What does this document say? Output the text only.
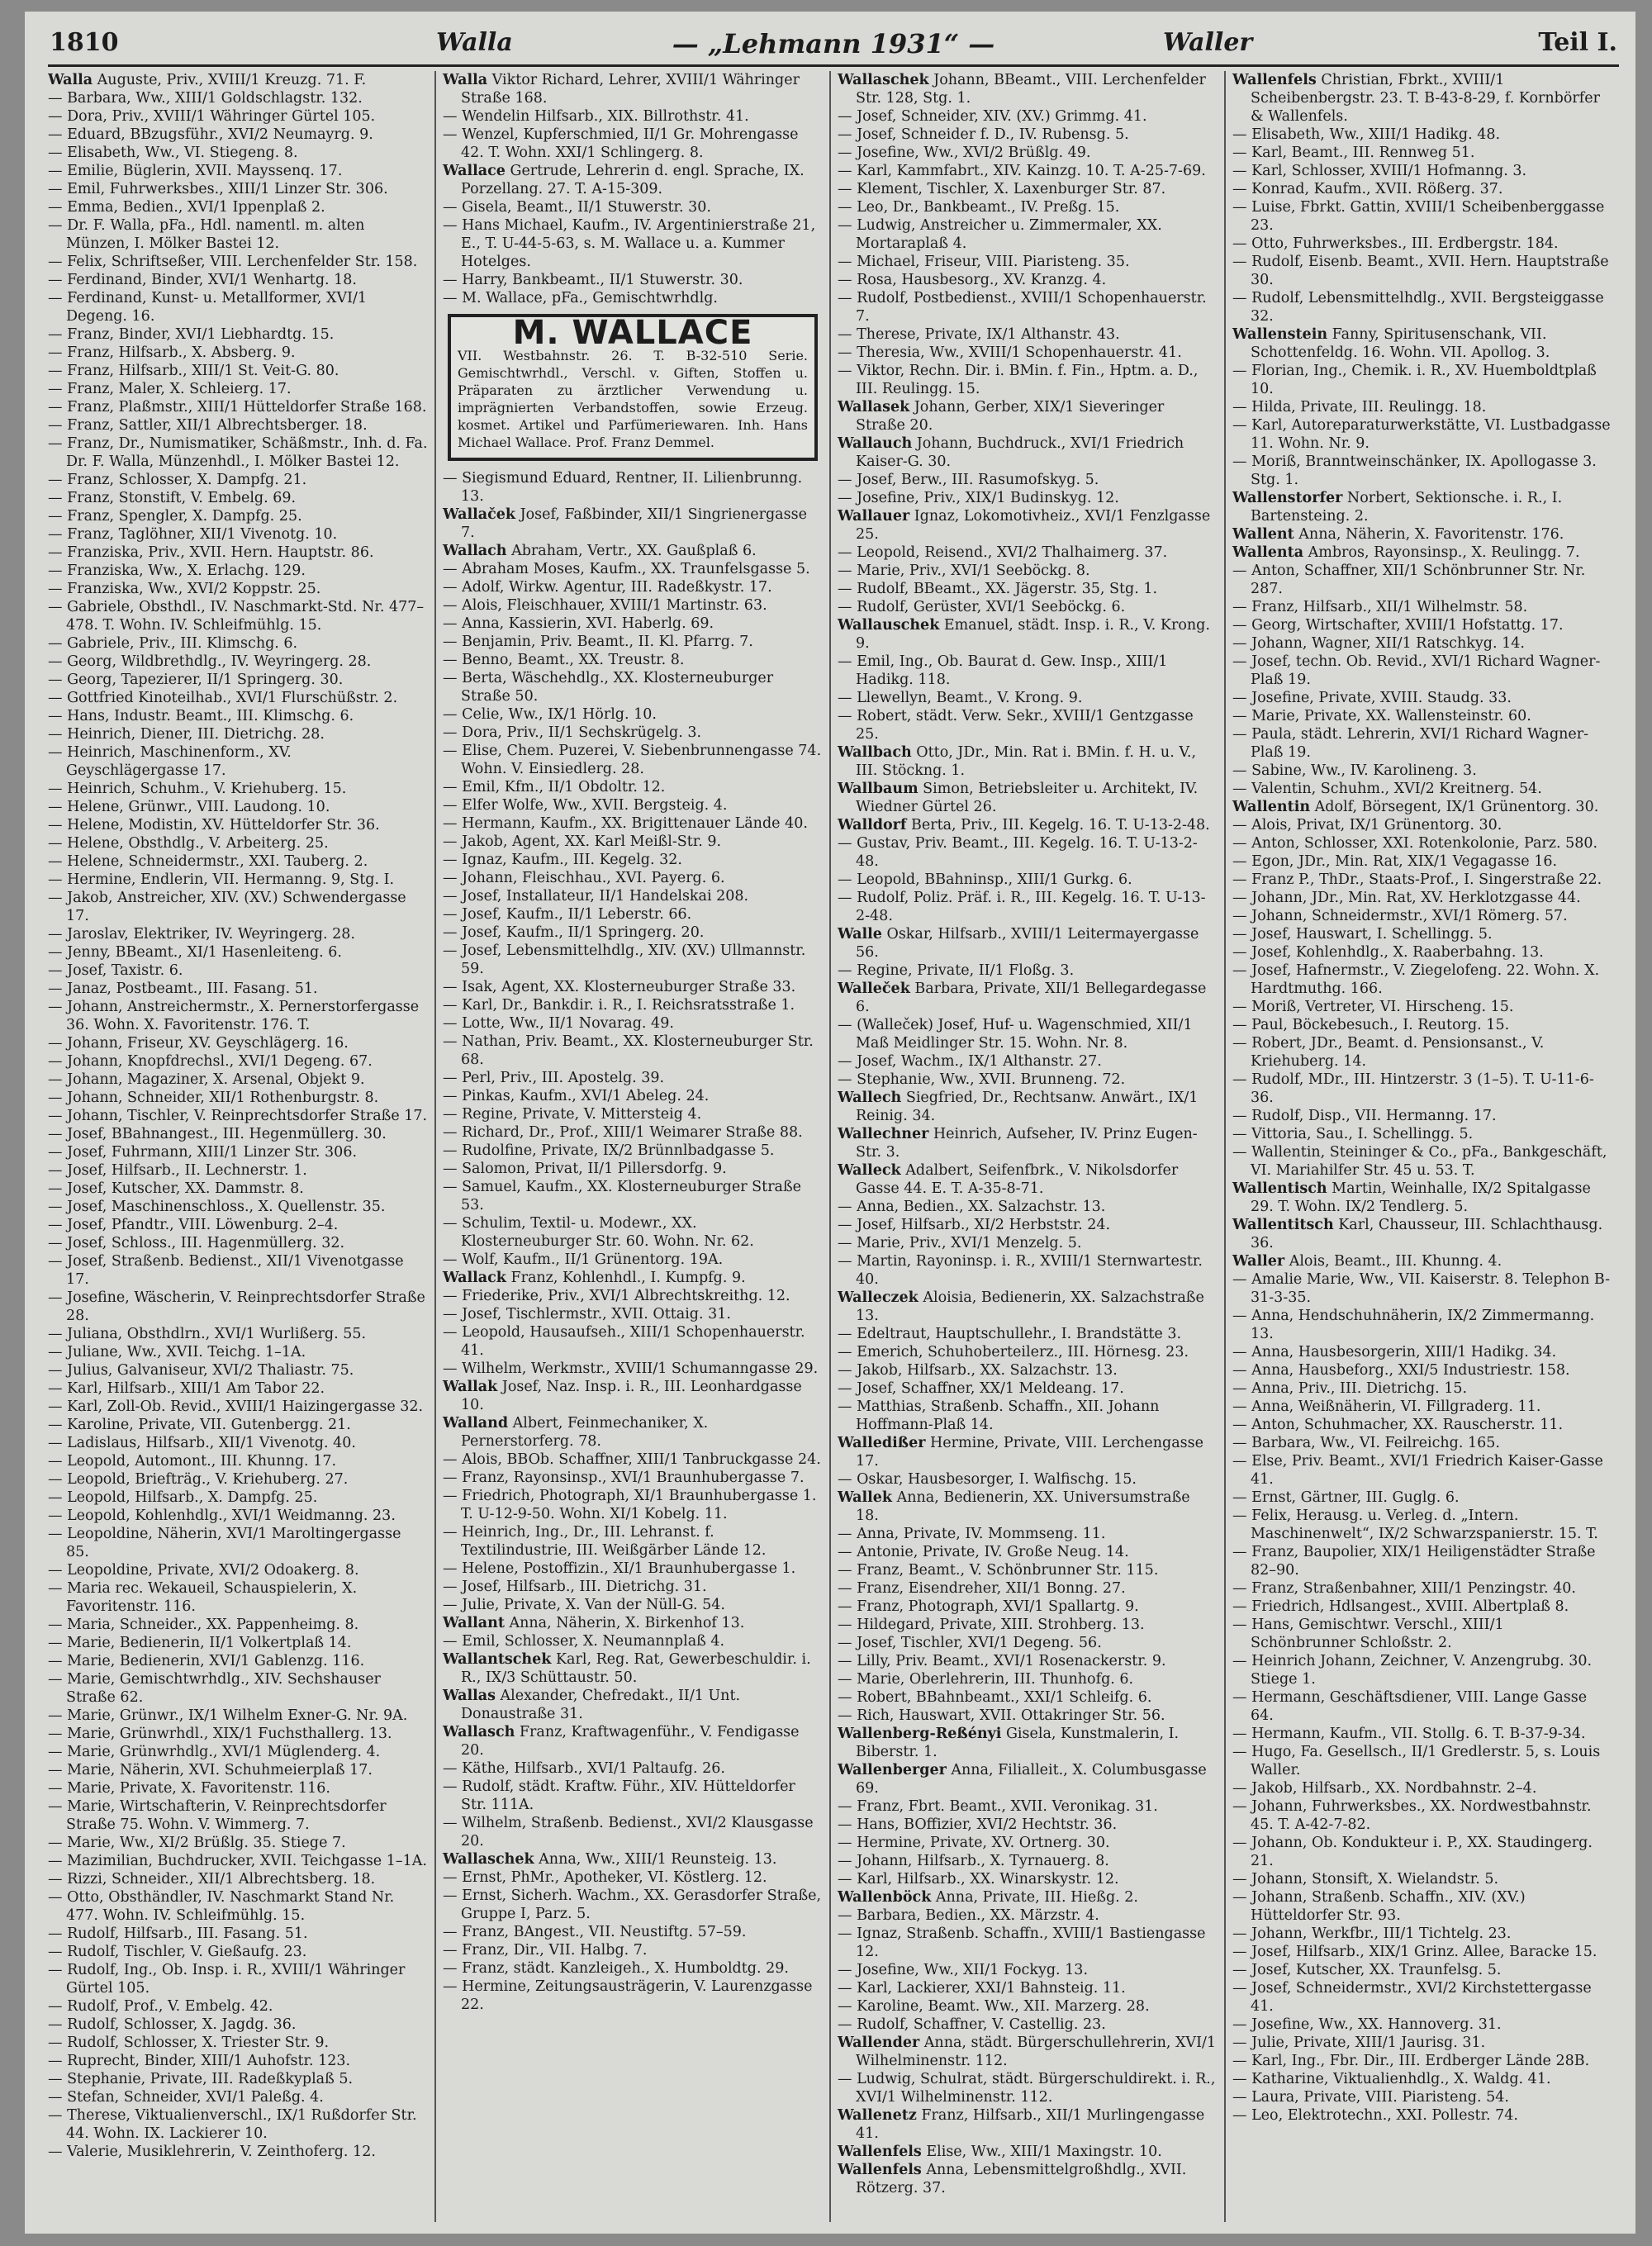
1810	Walla	— „Lehmann 1931“ —	Waller	Teil I.

Walla Auguste, Priv., XVIII/1 Kreuzg. 71. F.

— Barbara, Ww., XIII/1 Goldschlagstr. 132.

— Dora, Priv., XVIII/1 Währinger Gürtel 105.

— Eduard, BBzugsführ., XVI/2 Neumayrg. 9.

— Elisabeth, Ww., VI. Stiegeng. 8.

— Emilie, Büglerin, XVII. Mayssenq. 17.

— Emil, Fuhrwerksbes., XIII/1 Linzer Str. 306.

— Emma, Bedien., XVI/1 Ippenplaß 2.

— Dr. F. Walla, pFa., Hdl. namentl. m. alten Münzen, I. Mölker Bastei 12.

— Felix, Schriftseßer, VIII. Lerchenfelder Str. 158.

— Ferdinand, Binder, XVI/1 Wenhartg. 18.

— Ferdinand, Kunst- u. Metallformer, XVI/1 Degeng. 16.

— Franz, Binder, XVI/1 Liebhardtg. 15.

— Franz, Hilfsarb., X. Absberg. 9.

— Franz, Hilfsarb., XIII/1 St. Veit-G. 80.

— Franz, Maler, X. Schleierg. 17.

— Franz, Plaßmstr., XIII/1 Hütteldorfer Straße 168.

— Franz, Sattler, XII/1 Albrechtsberger. 18.

— Franz, Dr., Numismatiker, Schäßmstr., Inh. d. Fa. Dr. F. Walla, Münzenhdl., I. Mölker Bastei 12.

— Franz, Schlosser, X. Dampfg. 21.

— Franz, Stonstift, V. Embelg. 69.

— Franz, Spengler, X. Dampfg. 25.

— Franz, Taglöhner, XII/1 Vivenotg. 10.

— Franziska, Priv., XVII. Hern. Hauptstr. 86.

— Franziska, Ww., X. Erlachg. 129.

— Franziska, Ww., XVI/2 Koppstr. 25.

— Gabriele, Obsthdl., IV. Naschmarkt-Std. Nr. 477–478. T. Wohn. IV. Schleifmühlg. 15.

— Gabriele, Priv., III. Klimschg. 6.

— Georg, Wildbrethdlg., IV. Weyringerg. 28.

— Georg, Tapezierer, II/1 Springerg. 30.

— Gottfried Kinoteilhab., XVI/1 Flurschüßstr. 2.

— Hans, Industr. Beamt., III. Klimschg. 6.

— Heinrich, Diener, III. Dietrichg. 28.

— Heinrich, Maschinenform., XV. Geyschlägergasse 17.

— Heinrich, Schuhm., V. Kriehuberg. 15.

— Helene, Grünwr., VIII. Laudong. 10.

— Helene, Modistin, XV. Hütteldorfer Str. 36.

— Helene, Obsthdlg., V. Arbeiterg. 25.

— Helene, Schneidermstr., XXI. Tauberg. 2.

— Hermine, Endlerin, VII. Hermanng. 9, Stg. I.

— Jakob, Anstreicher, XIV. (XV.) Schwendergasse 17.

— Jaroslav, Elektriker, IV. Weyringerg. 28.

— Jenny, BBeamt., XI/1 Hasenleiteng. 6.

— Josef, Taxistr. 6.

— Janaz, Postbeamt., III. Fasang. 51.

— Johann, Anstreichermstr., X. Pernerstorfergasse 36. Wohn. X. Favoritenstr. 176. T.

— Johann, Friseur, XV. Geyschlägerg. 16.

— Johann, Knopfdrechsl., XVI/1 Degeng. 67.

— Johann, Magaziner, X. Arsenal, Objekt 9.

— Johann, Schneider, XII/1 Rothenburgstr. 8.

— Johann, Tischler, V. Reinprechtsdorfer Straße 17.

— Josef, BBahnangest., III. Hegenmüllerg. 30.

— Josef, Fuhrmann, XIII/1 Linzer Str. 306.

— Josef, Hilfsarb., II. Lechnerstr. 1.

— Josef, Kutscher, XX. Dammstr. 8.

— Josef, Maschinenschloss., X. Quellenstr. 35.

— Josef, Pfandtr., VIII. Löwenburg. 2–4.

— Josef, Schloss., III. Hagenmüllerg. 32.

— Josef, Straßenb. Bedienst., XII/1 Vivenotgasse 17.

— Josefine, Wäscherin, V. Reinprechtsdorfer Straße 28.

— Juliana, Obsthdlrn., XVI/1 Wurlißerg. 55.

— Juliane, Ww., XVII. Teichg. 1–1A.

— Julius, Galvaniseur, XVI/2 Thaliastr. 75.

— Karl, Hilfsarb., XIII/1 Am Tabor 22.

— Karl, Zoll-Ob. Revid., XVIII/1 Haizingergasse 32.

— Karoline, Private, VII. Gutenbergg. 21.

— Ladislaus, Hilfsarb., XII/1 Vivenotg. 40.

— Leopold, Automont., III. Khunng. 17.

— Leopold, Briefträg., V. Kriehuberg. 27.

— Leopold, Hilfsarb., X. Dampfg. 25.

— Leopold, Kohlenhdlg., XVI/1 Weidmanng. 23.

— Leopoldine, Näherin, XVI/1 Maroltingergasse 85.

— Leopoldine, Private, XVI/2 Odoakerg. 8.

— Maria rec. Wekaueil, Schauspielerin, X. Favoritenstr. 116.

— Maria, Schneider., XX. Pappenheimg. 8.

— Marie, Bedienerin, II/1 Volkertplaß 14.

— Marie, Bedienerin, XVI/1 Gablenzg. 116.

— Marie, Gemischtwrhdlg., XIV. Sechshauser Straße 62.

— Marie, Grünwr., IX/1 Wilhelm Exner-G. Nr. 9A.

— Marie, Grünwrhdl., XIX/1 Fuchsthallerg. 13.

— Marie, Grünwrhdlg., XVI/1 Müglenderg. 4.

— Marie, Näherin, XVI. Schuhmeierplaß 17.

— Marie, Private, X. Favoritenstr. 116.

— Marie, Wirtschafterin, V. Reinprechtsdorfer Straße 75. Wohn. V. Wimmerg. 7.

— Marie, Ww., XI/2 Brüßlg. 35. Stiege 7.

— Mazimilian, Buchdrucker, XVII. Teichgasse 1–1A.

— Rizzi, Schneider., XII/1 Albrechtsberg. 18.

— Otto, Obsthändler, IV. Naschmarkt Stand Nr. 477. Wohn. IV. Schleifmühlg. 15.

— Rudolf, Hilfsarb., III. Fasang. 51.

— Rudolf, Tischler, V. Gießaufg. 23.

— Rudolf, Ing., Ob. Insp. i. R., XVIII/1 Währinger Gürtel 105.

— Rudolf, Prof., V. Embelg. 42.

— Rudolf, Schlosser, X. Jagdg. 36.

— Rudolf, Schlosser, X. Triester Str. 9.

— Ruprecht, Binder, XIII/1 Auhofstr. 123.

— Stephanie, Private, III. Radeßkyplaß 5.

— Stefan, Schneider, XVI/1 Paleßg. 4.

— Therese, Viktualienverschl., IX/1 Rußdorfer Str. 44. Wohn. IX. Lackierer 10.

— Valerie, Musiklehrerin, V. Zeinthoferg. 12.

Walla Viktor Richard, Lehrer, XVIII/1 Währinger Straße 168.

— Wendelin Hilfsarb., XIX. Billrothstr. 41.

— Wenzel, Kupferschmied, II/1 Gr. Mohrengasse 42. T. Wohn. XXI/1 Schlingerg. 8.

Wallace Gertrude, Lehrerin d. engl. Sprache, IX. Porzellang. 27. T. A-15-309.

— Gisela, Beamt., II/1 Stuwerstr. 30.

— Hans Michael, Kaufm., IV. Argentinierstraße 21, E., T. U-44-5-63, s. M. Wallace u. a. Kummer Hotelges.

— Harry, Bankbeamt., II/1 Stuwerstr. 30.

— M. Wallace, pFa., Gemischtwrhdlg.

M. WALLACE
VII. Westbahnstr. 26. T. B-32-510 Serie. Gemischtwrhdl., Verschl. v. Giften, Stoffen u. Präparaten zu ärztlicher Verwendung u. imprägnierten Verbandstoffen, sowie Erzeug. kosmet. Artikel und Parfümeriewaren. Inh. Hans Michael Wallace. Prof. Franz Demmel.

— Siegismund Eduard, Rentner, II. Lilienbrunng. 13.

Wallaček Josef, Faßbinder, XII/1 Singrienergasse 7.

Wallach Abraham, Vertr., XX. Gaußplaß 6.

— Abraham Moses, Kaufm., XX. Traunfelsgasse 5.

— Adolf, Wirkw. Agentur, III. Radeßkystr. 17.

— Alois, Fleischhauer, XVIII/1 Martinstr. 63.

— Anna, Kassierin, XVI. Haberlg. 69.

— Benjamin, Priv. Beamt., II. Kl. Pfarrg. 7.

— Benno, Beamt., XX. Treustr. 8.

— Berta, Wäschehdlg., XX. Klosterneuburger Straße 50.

— Celie, Ww., IX/1 Hörlg. 10.

— Dora, Priv., II/1 Sechskrügelg. 3.

— Elise, Chem. Puzerei, V. Siebenbrunnengasse 74. Wohn. V. Einsiedlerg. 28.

— Emil, Kfm., II/1 Obdoltr. 12.

— Elfer Wolfe, Ww., XVII. Bergsteig. 4.

— Hermann, Kaufm., XX. Brigittenauer Lände 40.

— Jakob, Agent, XX. Karl Meißl-Str. 9.

— Ignaz, Kaufm., III. Kegelg. 32.

— Johann, Fleischhau., XVI. Payerg. 6.

— Josef, Installateur, II/1 Handelskai 208.

— Josef, Kaufm., II/1 Leberstr. 66.

— Josef, Kaufm., II/1 Springerg. 20.

— Josef, Lebensmittelhdlg., XIV. (XV.) Ullmannstr. 59.

— Isak, Agent, XX. Klosterneuburger Straße 33.

— Karl, Dr., Bankdir. i. R., I. Reichsratsstraße 1.

— Lotte, Ww., II/1 Novarag. 49.

— Nathan, Priv. Beamt., XX. Klosterneuburger Str. 68.

— Perl, Priv., III. Apostelg. 39.

— Pinkas, Kaufm., XVI/1 Abeleg. 24.

— Regine, Private, V. Mittersteig 4.

— Richard, Dr., Prof., XIII/1 Weimarer Straße 88.

— Rudolfine, Private, IX/2 Brünnlbadgasse 5.

— Salomon, Privat, II/1 Pillersdorfg. 9.

— Samuel, Kaufm., XX. Klosterneuburger Straße 53.

— Schulim, Textil- u. Modewr., XX. Klosterneuburger Str. 60. Wohn. Nr. 62.

— Wolf, Kaufm., II/1 Grünentorg. 19A.

Wallack Franz, Kohlenhdl., I. Kumpfg. 9.

— Friederike, Priv., XVI/1 Albrechtskreithg. 12.

— Josef, Tischlermstr., XVII. Ottaig. 31.

— Leopold, Hausaufseh., XIII/1 Schopenhauerstr. 41.

— Wilhelm, Werkmstr., XVIII/1 Schumanngasse 29.

Wallak Josef, Naz. Insp. i. R., III. Leonhardgasse 10.

Walland Albert, Feinmechaniker, X. Pernerstorferg. 78.

— Alois, BBOb. Schaffner, XIII/1 Tanbruckgasse 24.

— Franz, Rayonsinsp., XVI/1 Braunhubergasse 7.

— Friedrich, Photograph, XI/1 Braunhubergasse 1. T. U-12-9-50. Wohn. XI/1 Kobelg. 11.

— Heinrich, Ing., Dr., III. Lehranst. f. Textilindustrie, III. Weißgärber Lände 12.

— Helene, Postoffizin., XI/1 Braunhubergasse 1.

— Josef, Hilfsarb., III. Dietrichg. 31.

— Julie, Private, X. Van der Nüll-G. 54.

Wallant Anna, Näherin, X. Birkenhof 13.

— Emil, Schlosser, X. Neumannplaß 4.

Wallantschek Karl, Reg. Rat, Gewerbeschuldir. i. R., IX/3 Schüttaustr. 50.

Wallas Alexander, Chefredakt., II/1 Unt. Donaustraße 31.

Wallasch Franz, Kraftwagenführ., V. Fendigasse 20.

— Käthe, Hilfsarb., XVI/1 Paltaufg. 26.

— Rudolf, städt. Kraftw. Führ., XIV. Hütteldorfer Str. 111A.

— Wilhelm, Straßenb. Bedienst., XVI/2 Klausgasse 20.

Wallaschek Anna, Ww., XIII/1 Reunsteig. 13.

— Ernst, PhMr., Apotheker, VI. Köstlerg. 12.

— Ernst, Sicherh. Wachm., XX. Gerasdorfer Straße, Gruppe I, Parz. 5.

— Franz, BAngest., VII. Neustiftg. 57–59.

— Franz, Dir., VII. Halbg. 7.

— Franz, städt. Kanzleigeh., X. Humboldtg. 29.

— Hermine, Zeitungsausträgerin, V. Laurenzgasse 22.

Wallaschek Johann, BBeamt., VIII. Lerchenfelder Str. 128, Stg. 1.

— Josef, Schneider, XIV. (XV.) Grimmg. 41.

— Josef, Schneider f. D., IV. Rubensg. 5.

— Josefine, Ww., XVI/2 Brüßlg. 49.

— Karl, Kammfabrt., XIV. Kainzg. 10. T. A-25-7-69.

— Klement, Tischler, X. Laxenburger Str. 87.

— Leo, Dr., Bankbeamt., IV. Preßg. 15.

— Ludwig, Anstreicher u. Zimmermaler, XX. Mortaraplaß 4.

— Michael, Friseur, VIII. Piaristeng. 35.

— Rosa, Hausbesorg., XV. Kranzg. 4.

— Rudolf, Postbedienst., XVIII/1 Schopenhauerstr. 7.

— Therese, Private, IX/1 Althanstr. 43.

— Theresia, Ww., XVIII/1 Schopenhauerstr. 41.

— Viktor, Rechn. Dir. i. BMin. f. Fin., Hptm. a. D., III. Reulingg. 15.

Wallasek Johann, Gerber, XIX/1 Sieveringer Straße 20.

Wallauch Johann, Buchdruck., XVI/1 Friedrich Kaiser-G. 30.

— Josef, Berw., III. Rasumofskyg. 5.

— Josefine, Priv., XIX/1 Budinskyg. 12.

Wallauer Ignaz, Lokomotivheiz., XVI/1 Fenzlgasse 25.

— Leopold, Reisend., XVI/2 Thalhaimerg. 37.

— Marie, Priv., XVI/1 Seeböckg. 8.

— Rudolf, BBeamt., XX. Jägerstr. 35, Stg. 1.

— Rudolf, Gerüster, XVI/1 Seeböckg. 6.

Wallauschek Emanuel, städt. Insp. i. R., V. Krong. 9.

— Emil, Ing., Ob. Baurat d. Gew. Insp., XIII/1 Hadikg. 118.

— Llewellyn, Beamt., V. Krong. 9.

— Robert, städt. Verw. Sekr., XVIII/1 Gentzgasse 25.

Wallbach Otto, JDr., Min. Rat i. BMin. f. H. u. V., III. Stöckng. 1.

Wallbaum Simon, Betriebsleiter u. Architekt, IV. Wiedner Gürtel 26.

Walldorf Berta, Priv., III. Kegelg. 16. T. U-13-2-48.

— Gustav, Priv. Beamt., III. Kegelg. 16. T. U-13-2-48.

— Leopold, BBahninsp., XIII/1 Gurkg. 6.

— Rudolf, Poliz. Präf. i. R., III. Kegelg. 16. T. U-13-2-48.

Walle Oskar, Hilfsarb., XVIII/1 Leitermayergasse 56.

— Regine, Private, II/1 Floßg. 3.

Walleček Barbara, Private, XII/1 Bellegardegasse 6.

— (Walleček) Josef, Huf- u. Wagenschmied, XII/1 Maß Meidlinger Str. 15. Wohn. Nr. 8.

— Josef, Wachm., IX/1 Althanstr. 27.

— Stephanie, Ww., XVII. Brunneng. 72.

Wallech Siegfried, Dr., Rechtsanw. Anwärt., IX/1 Reinig. 34.

Wallechner Heinrich, Aufseher, IV. Prinz Eugen-Str. 3.

Walleck Adalbert, Seifenfbrk., V. Nikolsdorfer Gasse 44. E. T. A-35-8-71.

— Anna, Bedien., XX. Salzachstr. 13.

— Josef, Hilfsarb., XI/2 Herbststr. 24.

— Marie, Priv., XVI/1 Menzelg. 5.

— Martin, Rayoninsp. i. R., XVIII/1 Sternwartestr. 40.

Walleczek Aloisia, Bedienerin, XX. Salzachstraße 13.

— Edeltraut, Hauptschullehr., I. Brandstätte 3.

— Emerich, Schuhoberteilerz., III. Hörnesg. 23.

— Jakob, Hilfsarb., XX. Salzachstr. 13.

— Josef, Schaffner, XX/1 Meldeang. 17.

— Matthias, Straßenb. Schaffn., XII. Johann Hoffmann-Plaß 14.

Walledißer Hermine, Private, VIII. Lerchengasse 17.

— Oskar, Hausbesorger, I. Walfischg. 15.

Wallek Anna, Bedienerin, XX. Universumstraße 18.

— Anna, Private, IV. Mommseng. 11.

— Antonie, Private, IV. Große Neug. 14.

— Franz, Beamt., V. Schönbrunner Str. 115.

— Franz, Eisendreher, XII/1 Bonng. 27.

— Franz, Photograph, XVI/1 Spallartg. 9.

— Hildegard, Private, XIII. Strohberg. 13.

— Josef, Tischler, XVI/1 Degeng. 56.

— Lilly, Priv. Beamt., XVI/1 Rosenackerstr. 9.

— Marie, Oberlehrerin, III. Thunhofg. 6.

— Robert, BBahnbeamt., XXI/1 Schleifg. 6.

— Rich, Hauswart, XVII. Ottakringer Str. 56.

Wallenberg-Reßényi Gisela, Kunstmalerin, I. Biberstr. 1.

Wallenberger Anna, Filialleit., X. Columbusgasse 69.

— Franz, Fbrt. Beamt., XVII. Veronikag. 31.

— Hans, BOffizier, XVI/2 Hechtstr. 36.

— Hermine, Private, XV. Ortnerg. 30.

— Johann, Hilfsarb., X. Tyrnauerg. 8.

— Karl, Hilfsarb., XX. Winarskystr. 12.

Wallenböck Anna, Private, III. Hießg. 2.

— Barbara, Bedien., XX. Märzstr. 4.

— Ignaz, Straßenb. Schaffn., XVIII/1 Bastiengasse 12.

— Josefine, Ww., XII/1 Fockyg. 13.

— Karl, Lackierer, XXI/1 Bahnsteig. 11.

— Karoline, Beamt. Ww., XII. Marzerg. 28.

— Rudolf, Schaffner, V. Castellig. 23.

Wallender Anna, städt. Bürgerschullehrerin, XVI/1 Wilhelminenstr. 112.

— Ludwig, Schulrat, städt. Bürgerschuldirekt. i. R., XVI/1 Wilhelminenstr. 112.

Wallenetz Franz, Hilfsarb., XII/1 Murlingengasse 41.

Wallenfels Elise, Ww., XIII/1 Maxingstr. 10.

Wallenfels Anna, Lebensmittelgroßhdlg., XVII. Rötzerg. 37.

Wallenfels Christian, Fbrkt., XVIII/1 Scheibenbergstr. 23. T. B-43-8-29, f. Kornbörfer & Wallenfels.

— Elisabeth, Ww., XIII/1 Hadikg. 48.

— Karl, Beamt., III. Rennweg 51.

— Karl, Schlosser, XVIII/1 Hofmanng. 3.

— Konrad, Kaufm., XVII. Rößerg. 37.

— Luise, Fbrkt. Gattin, XVIII/1 Scheibenberggasse 23.

— Otto, Fuhrwerksbes., III. Erdbergstr. 184.

— Rudolf, Eisenb. Beamt., XVII. Hern. Hauptstraße 30.

— Rudolf, Lebensmittelhdlg., XVII. Bergsteiggasse 32.

Wallenstein Fanny, Spiritusenschank, VII. Schottenfeldg. 16. Wohn. VII. Apollog. 3.

— Florian, Ing., Chemik. i. R., XV. Huemboldtplaß 10.

— Hilda, Private, III. Reulingg. 18.

— Karl, Autoreparaturwerkstätte, VI. Lustbadgasse 11. Wohn. Nr. 9.

— Moriß, Branntweinschänker, IX. Apollogasse 3. Stg. 1.

Wallenstorfer Norbert, Sektionsche. i. R., I. Bartensteing. 2.

Wallent Anna, Näherin, X. Favoritenstr. 176.

Wallenta Ambros, Rayonsinsp., X. Reulingg. 7.

— Anton, Schaffner, XII/1 Schönbrunner Str. Nr. 287.

— Franz, Hilfsarb., XII/1 Wilhelmstr. 58.

— Georg, Wirtschafter, XVIII/1 Hofstattg. 17.

— Johann, Wagner, XII/1 Ratschkyg. 14.

— Josef, techn. Ob. Revid., XVI/1 Richard Wagner-Plaß 19.

— Josefine, Private, XVIII. Staudg. 33.

— Marie, Private, XX. Wallensteinstr. 60.

— Paula, städt. Lehrerin, XVI/1 Richard Wagner-Plaß 19.

— Sabine, Ww., IV. Karolineng. 3.

— Valentin, Schuhm., XVI/2 Kreitnerg. 54.

Wallentin Adolf, Börsegent, IX/1 Grünentorg. 30.

— Alois, Privat, IX/1 Grünentorg. 30.

— Anton, Schlosser, XXI. Rotenkolonie, Parz. 580.

— Egon, JDr., Min. Rat, XIX/1 Vegagasse 16.

— Franz P., ThDr., Staats-Prof., I. Singerstraße 22.

— Johann, JDr., Min. Rat, XV. Herklotzgasse 44.

— Johann, Schneidermstr., XVI/1 Römerg. 57.

— Josef, Hauswart, I. Schellingg. 5.

— Josef, Kohlenhdlg., X. Raaberbahng. 13.

— Josef, Hafnermstr., V. Ziegelofeng. 22. Wohn. X. Hardtmuthg. 166.

— Moriß, Vertreter, VI. Hirscheng. 15.

— Paul, Böckebesuch., I. Reutorg. 15.

— Robert, JDr., Beamt. d. Pensionsanst., V. Kriehuberg. 14.

— Rudolf, MDr., III. Hintzerstr. 3 (1–5). T. U-11-6-36.

— Rudolf, Disp., VII. Hermanng. 17.

— Vittoria, Sau., I. Schellingg. 5.

— Wallentin, Steininger & Co., pFa., Bankgeschäft, VI. Mariahilfer Str. 45 u. 53. T.

Wallentisch Martin, Weinhalle, IX/2 Spitalgasse 29. T. Wohn. IX/2 Tendlerg. 5.

Wallentitsch Karl, Chausseur, III. Schlachthausg. 36.

Waller Alois, Beamt., III. Khunng. 4.

— Amalie Marie, Ww., VII. Kaiserstr. 8. Telephon B-31-3-35.

— Anna, Hendschuhnäherin, IX/2 Zimmermanng. 13.

— Anna, Hausbesorgerin, XIII/1 Hadikg. 34.

— Anna, Hausbeforg., XXI/5 Industriestr. 158.

— Anna, Priv., III. Dietrichg. 15.

— Anna, Weißnäherin, VI. Fillgraderg. 11.

— Anton, Schuhmacher, XX. Rauscherstr. 11.

— Barbara, Ww., VI. Feilreichg. 165.

— Else, Priv. Beamt., XVI/1 Friedrich Kaiser-Gasse 41.

— Ernst, Gärtner, III. Guglg. 6.

— Felix, Herausg. u. Verleg. d. „Intern. Maschinenwelt“, IX/2 Schwarzspanierstr. 15. T.

— Franz, Baupolier, XIX/1 Heiligenstädter Straße 82–90.

— Franz, Straßenbahner, XIII/1 Penzingstr. 40.

— Friedrich, Hdlsangest., XVIII. Albertplaß 8.

— Hans, Gemischtwr. Verschl., XIII/1 Schönbrunner Schloßstr. 2.

— Heinrich Johann, Zeichner, V. Anzengrubg. 30. Stiege 1.

— Hermann, Geschäftsdiener, VIII. Lange Gasse 64.

— Hermann, Kaufm., VII. Stollg. 6. T. B-37-9-34.

— Hugo, Fa. Gesellsch., II/1 Gredlerstr. 5, s. Louis Waller.

— Jakob, Hilfsarb., XX. Nordbahnstr. 2–4.

— Johann, Fuhrwerksbes., XX. Nordwestbahnstr. 45. T. A-42-7-82.

— Johann, Ob. Kondukteur i. P., XX. Staudingerg. 21.

— Johann, Stonsift, X. Wielandstr. 5.

— Johann, Straßenb. Schaffn., XIV. (XV.) Hütteldorfer Str. 93.

— Johann, Werkfbr., III/1 Tichtelg. 23.

— Josef, Hilfsarb., XIX/1 Grinz. Allee, Baracke 15.

— Josef, Kutscher, XX. Traunfelsg. 5.

— Josef, Schneidermstr., XVI/2 Kirchstettergasse 41.

— Josefine, Ww., XX. Hannoverg. 31.

— Julie, Private, XIII/1 Jaurisg. 31.

— Karl, Ing., Fbr. Dir., III. Erdberger Lände 28B.

— Katharine, Viktualienhdlg., X. Waldg. 41.

— Laura, Private, VIII. Piaristeng. 54.

— Leo, Elektrotechn., XXI. Pollestr. 74.
